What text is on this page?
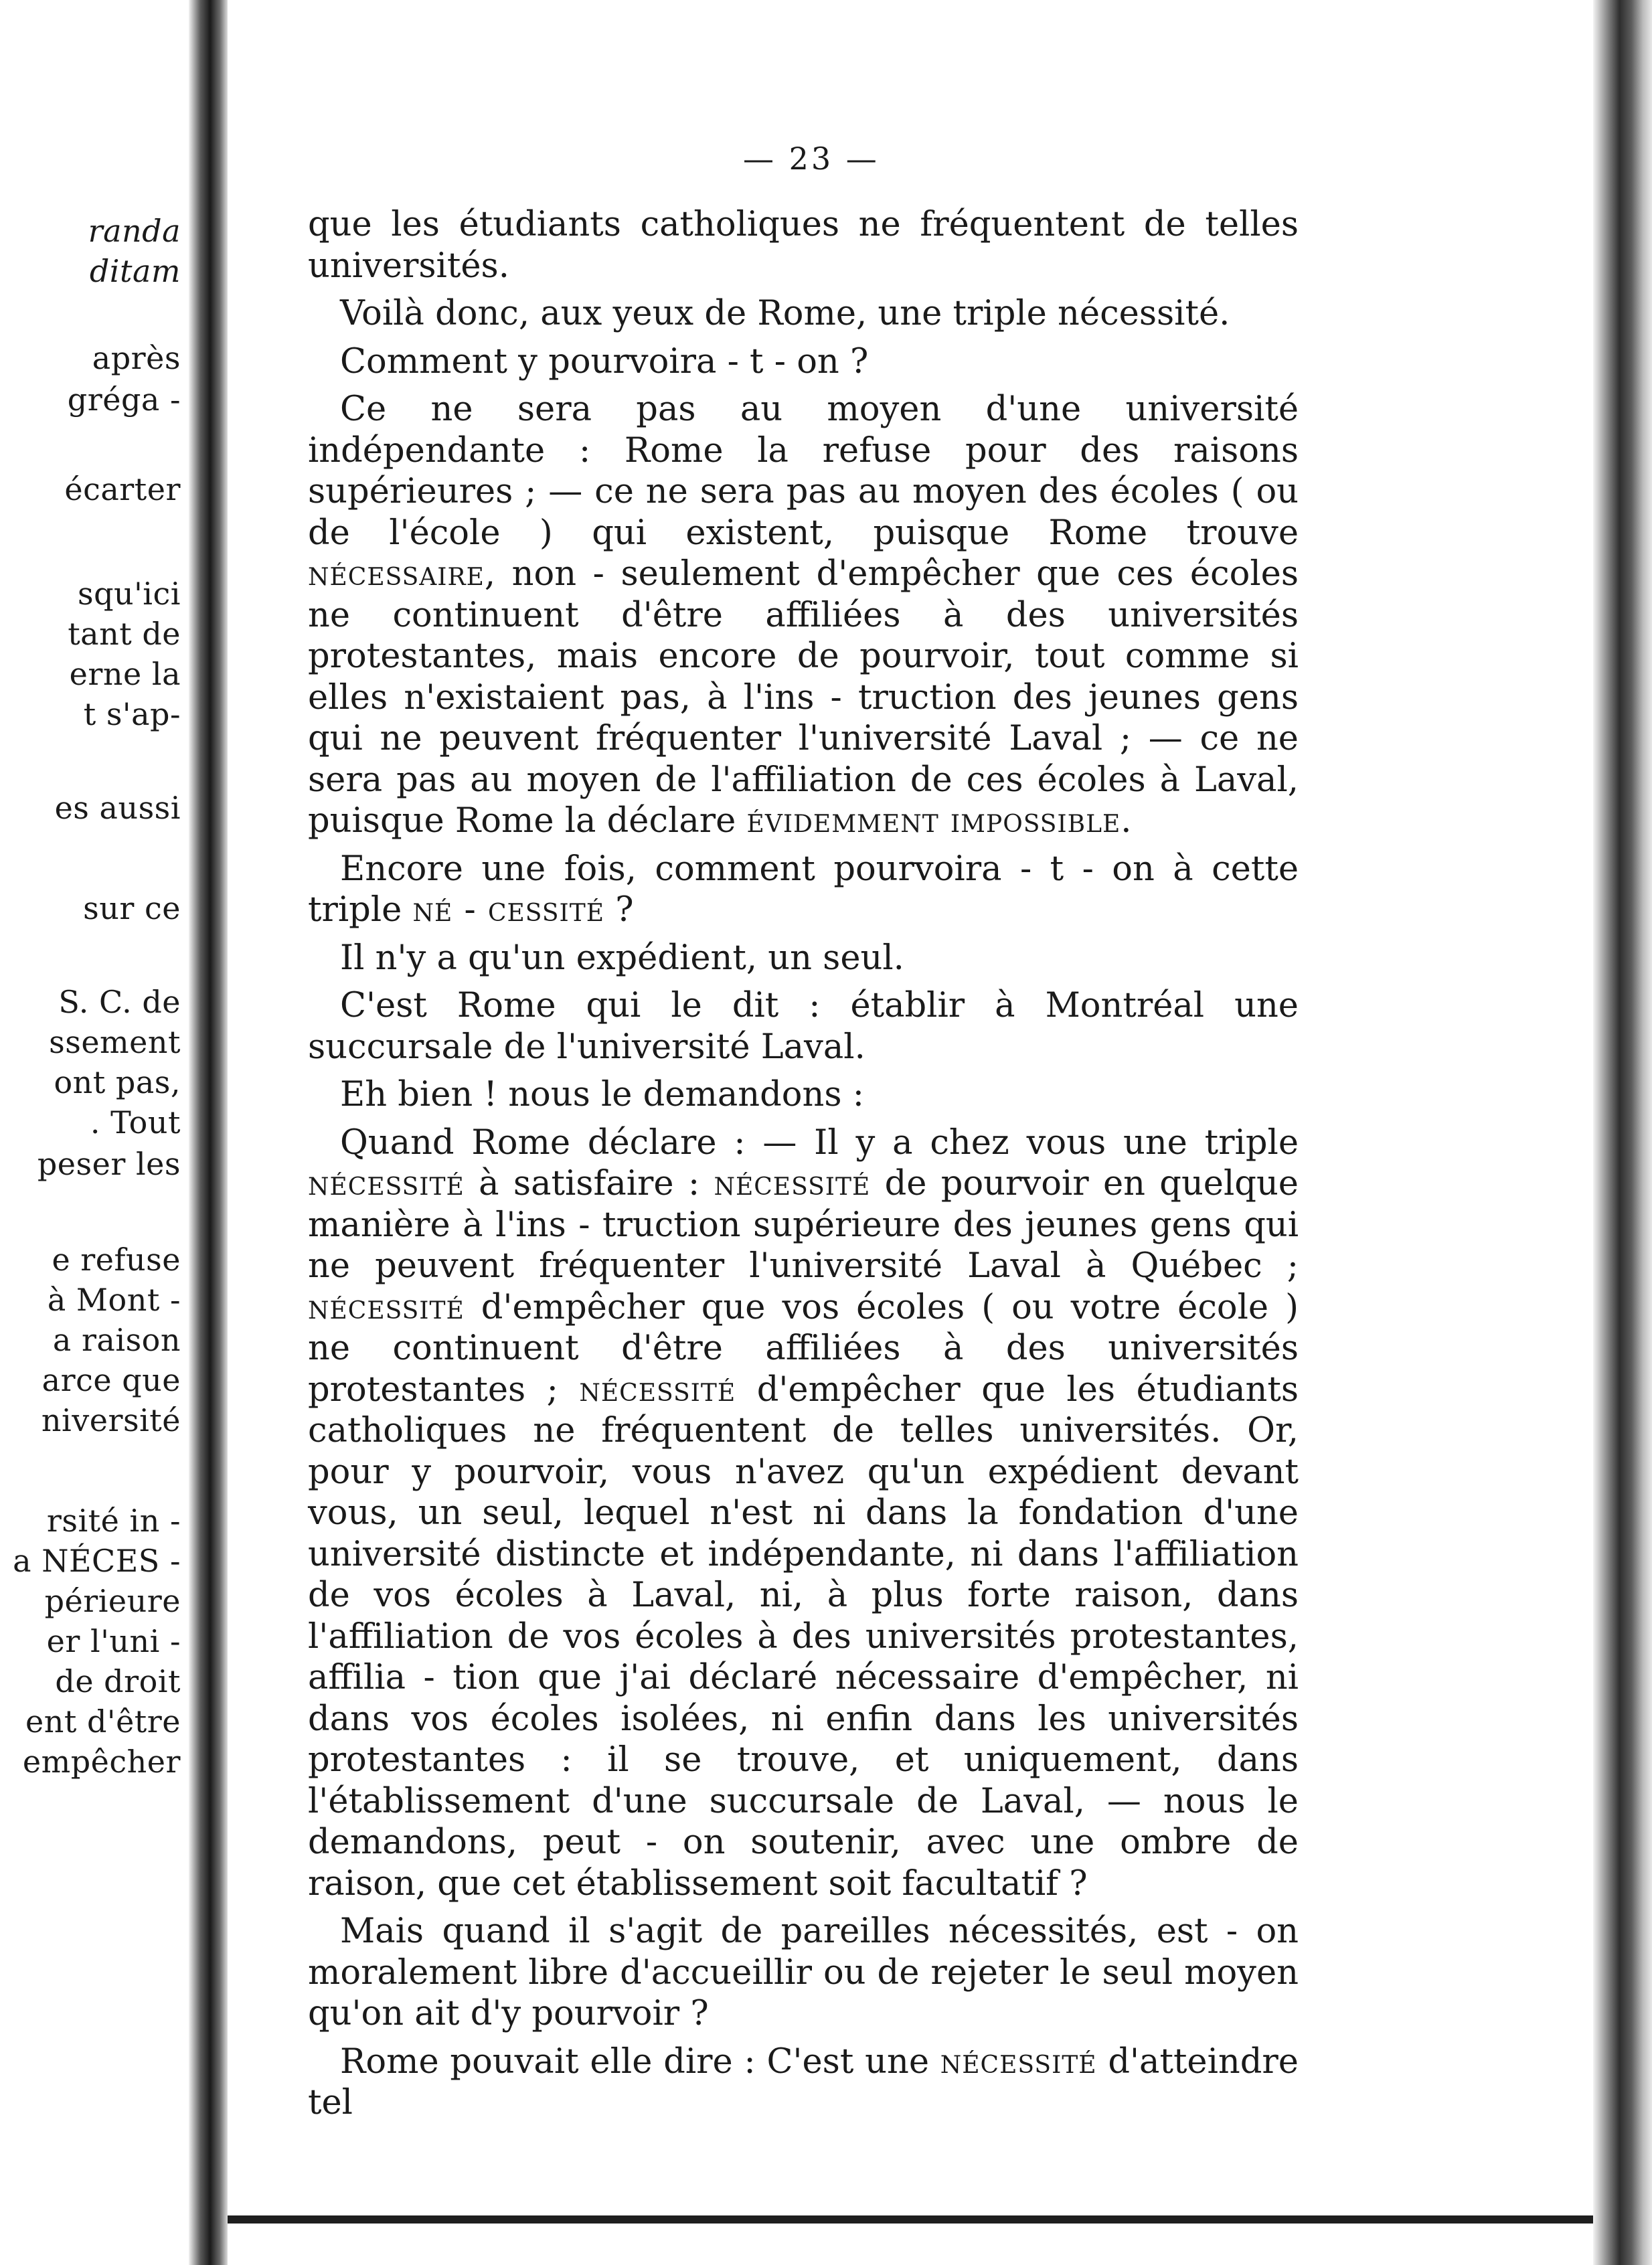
randa
ditam
après
grégа -
écarter
squ'ici
tant de
erne la
t s'ap-
es aussi
sur ce
S. C. de
ssement
ont pas,
. Tout
peser les
e refuse
à Mont -
a raison
arce que
niversité
rsité in -
a NÉCES -
périeure
er l'uni -
de droit
ent d'être
empêcher
— 23 —

que les étudiants catholiques ne fréquentent de telles universités.

Voilà donc, aux yeux de Rome, une triple nécessité.

Comment y pourvoira - t - on ?

Ce ne sera pas au moyen d'une université indépendante : Rome la refuse pour des raisons supérieures ; — ce ne sera pas au moyen des écoles ( ou de l'école ) qui existent, puisque Rome trouve nécessaire, non - seulement d'empêcher que ces écoles ne continuent d'être affiliées à des universités protestantes, mais encore de pourvoir, tout comme si elles n'existaient pas, à l'ins - truction des jeunes gens qui ne peuvent fréquenter l'université Laval ; — ce ne sera pas au moyen de l'affiliation de ces écoles à Laval, puisque Rome la déclare évidemment impossible.

Encore une fois, comment pourvoira - t - on à cette triple né - cessité ?

Il n'y a qu'un expédient, un seul.

C'est Rome qui le dit : établir à Montréal une succursale de l'université Laval.

Eh bien ! nous le demandons :

Quand Rome déclare : — Il y a chez vous une triple nécessité à satisfaire : nécessité de pourvoir en quelque manière à l'ins - truction supérieure des jeunes gens qui ne peuvent fréquenter l'université Laval à Québec ; nécessité d'empêcher que vos écoles ( ou votre école ) ne continuent d'être affiliées à des universités protestantes ; nécessité d'empêcher que les étudiants catholiques ne fréquentent de telles universités. Or, pour y pourvoir, vous n'avez qu'un expédient devant vous, un seul, lequel n'est ni dans la fondation d'une université distincte et indépendante, ni dans l'affiliation de vos écoles à Laval, ni, à plus forte raison, dans l'affiliation de vos écoles à des universités protestantes, affilia - tion que j'ai déclaré nécessaire d'empêcher, ni dans vos écoles isolées, ni enfin dans les universités protestantes : il se trouve, et uniquement, dans l'établissement d'une succursale de Laval, — nous le demandons, peut - on soutenir, avec une ombre de raison, que cet établissement soit facultatif ?

Mais quand il s'agit de pareilles nécessités, est - on moralement libre d'accueillir ou de rejeter le seul moyen qu'on ait d'y pourvoir ?

Rome pouvait elle dire : C'est une nécessité d'atteindre tel
